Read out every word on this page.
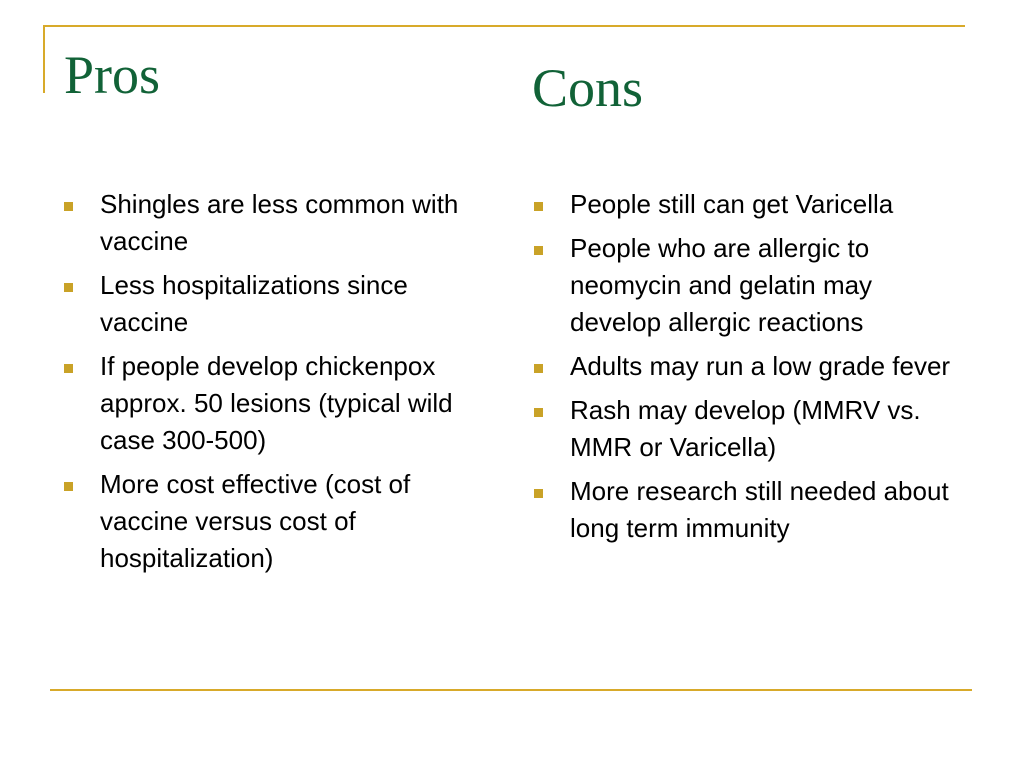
Pros	Cons
Shingles are less common with vaccine
Less hospitalizations since vaccine
If people develop chickenpox approx. 50 lesions (typical wild case 300-500)
More cost effective (cost of vaccine versus cost of hospitalization)
People still can get Varicella
People who are allergic to neomycin and gelatin may develop allergic reactions
Adults may run a low grade fever
Rash may develop (MMRV vs. MMR or Varicella)
More research still needed about long term immunity
